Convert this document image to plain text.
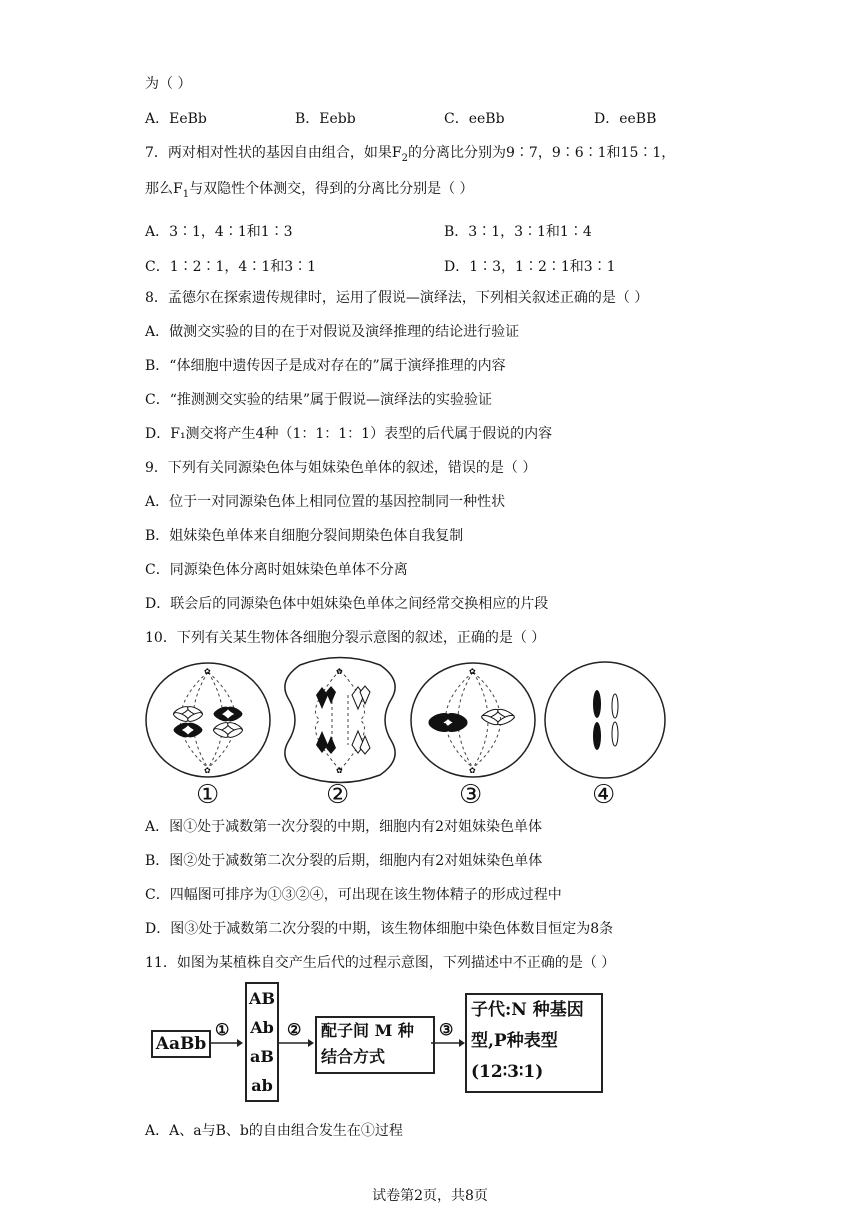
为（ ）
A．EeBb	B．Eebb	C．eeBb	D．eeBB
7．两对相对性状的基因自由组合，如果$F_2$的分离比分别为9∶7，9∶6∶1和15∶1，
那么$F_1$与双隐性个体测交，得到的分离比分别是（ ）
A．3∶1，4∶1和1∶3	B．3∶1，3∶1和1∶4
C．1∶2∶1，4∶1和3∶1	D．1∶3，1∶2∶1和3∶1
8．孟德尔在探索遗传规律时，运用了假说—演绎法，下列相关叙述正确的是（ ）
A．做测交实验的目的在于对假说及演绎推理的结论进行验证
B．“体细胞中遗传因子是成对存在的”属于演绎推理的内容
C．“推测测交实验的结果”属于假说—演绎法的实验验证
D．F₁测交将产生4种（1：1：1：1）表型的后代属于假说的内容
9．下列有关同源染色体与姐妹染色单体的叙述，错误的是（ ）
A．位于一对同源染色体上相同位置的基因控制同一种性状
B．姐妹染色单体来自细胞分裂间期染色体自我复制
C．同源染色体分离时姐妹染色单体不分离
D．联会后的同源染色体中姐妹染色单体之间经常交换相应的片段
10．下列有关某生物体各细胞分裂示意图的叙述，正确的是（ ）
✿
✿
✿
✿
✿
✿
①	②	③	④
A．图①处于减数第一次分裂的中期，细胞内有2对姐妹染色单体
B．图②处于减数第二次分裂的后期，细胞内有2对姐妹染色单体
C．四幅图可排序为①③②④，可出现在该生物体精子的形成过程中
D．图③处于减数第二次分裂的中期，该生物体细胞中染色体数目恒定为8条
11．如图为某植株自交产生后代的过程示意图，下列描述中不正确的是（ ）
AaBb
①
AB
Ab
aB
ab
② 配子间 M 种
结合方式
③
子代:N 种基因
型,P种表型
(12∶3∶1)
A．A、a与B、b的自由组合发生在①过程
试卷第2页，共8页
